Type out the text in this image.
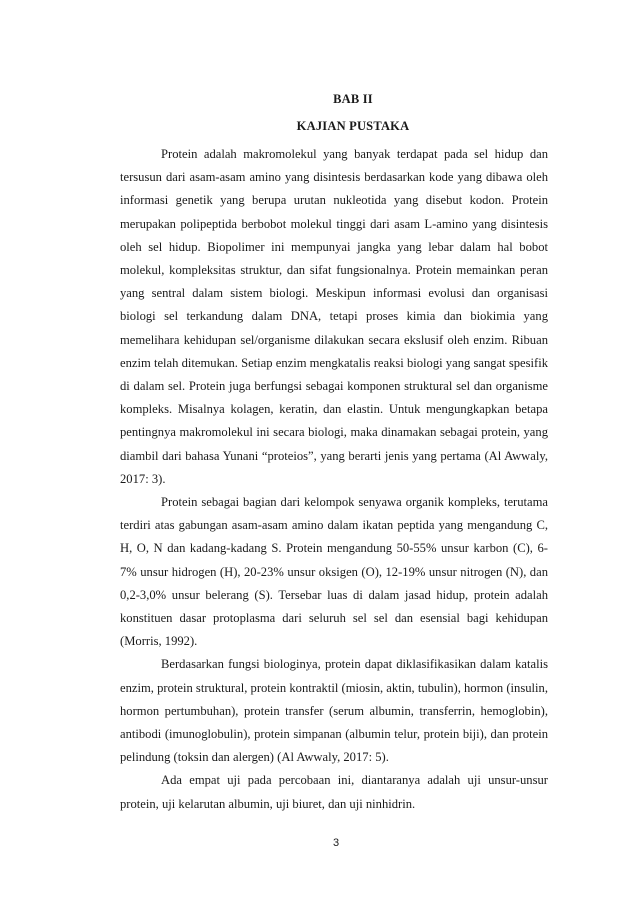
BAB II
KAJIAN PUSTAKA

Protein adalah makromolekul yang banyak terdapat pada sel hidup dan tersusun dari asam-asam amino yang disintesis berdasarkan kode yang dibawa oleh informasi genetik yang berupa urutan nukleotida yang disebut kodon. Protein merupakan polipeptida berbobot molekul tinggi dari asam L-amino yang disintesis oleh sel hidup. Biopolimer ini mempunyai jangka yang lebar dalam hal bobot molekul, kompleksitas struktur, dan sifat fungsionalnya. Protein memainkan peran yang sentral dalam sistem biologi. Meskipun informasi evolusi dan organisasi biologi sel terkandung dalam DNA, tetapi proses kimia dan biokimia yang memelihara kehidupan sel/organisme dilakukan secara ekslusif oleh enzim. Ribuan enzim telah ditemukan. Setiap enzim mengkatalis reaksi biologi yang sangat spesifik di dalam sel. Protein juga berfungsi sebagai komponen struktural sel dan organisme kompleks. Misalnya kolagen, keratin, dan elastin. Untuk mengungkapkan betapa pentingnya makromolekul ini secara biologi, maka dinamakan sebagai protein, yang diambil dari bahasa Yunani “proteios”, yang berarti jenis yang pertama (Al Awwaly, 2017: 3).

Protein sebagai bagian dari kelompok senyawa organik kompleks, terutama terdiri atas gabungan asam-asam amino dalam ikatan peptida yang mengandung C, H, O, N dan kadang-kadang S. Protein mengandung 50-55% unsur karbon (C), 6-7% unsur hidrogen (H), 20-23% unsur oksigen (O), 12-19% unsur nitrogen (N), dan 0,2-3,0% unsur belerang (S). Tersebar luas di dalam jasad hidup, protein adalah konstituen dasar protoplasma dari seluruh sel sel dan esensial bagi kehidupan (Morris, 1992).

Berdasarkan fungsi biologinya, protein dapat diklasifikasikan dalam katalis enzim, protein struktural, protein kontraktil (miosin, aktin, tubulin), hormon (insulin, hormon pertumbuhan), protein transfer (serum albumin, transferrin, hemoglobin), antibodi (imunoglobulin), protein simpanan (albumin telur, protein biji), dan protein pelindung (toksin dan alergen) (Al Awwaly, 2017: 5).

Ada empat uji pada percobaan ini, diantaranya adalah uji unsur-unsur protein, uji kelarutan albumin, uji biuret, dan uji ninhidrin.

3
